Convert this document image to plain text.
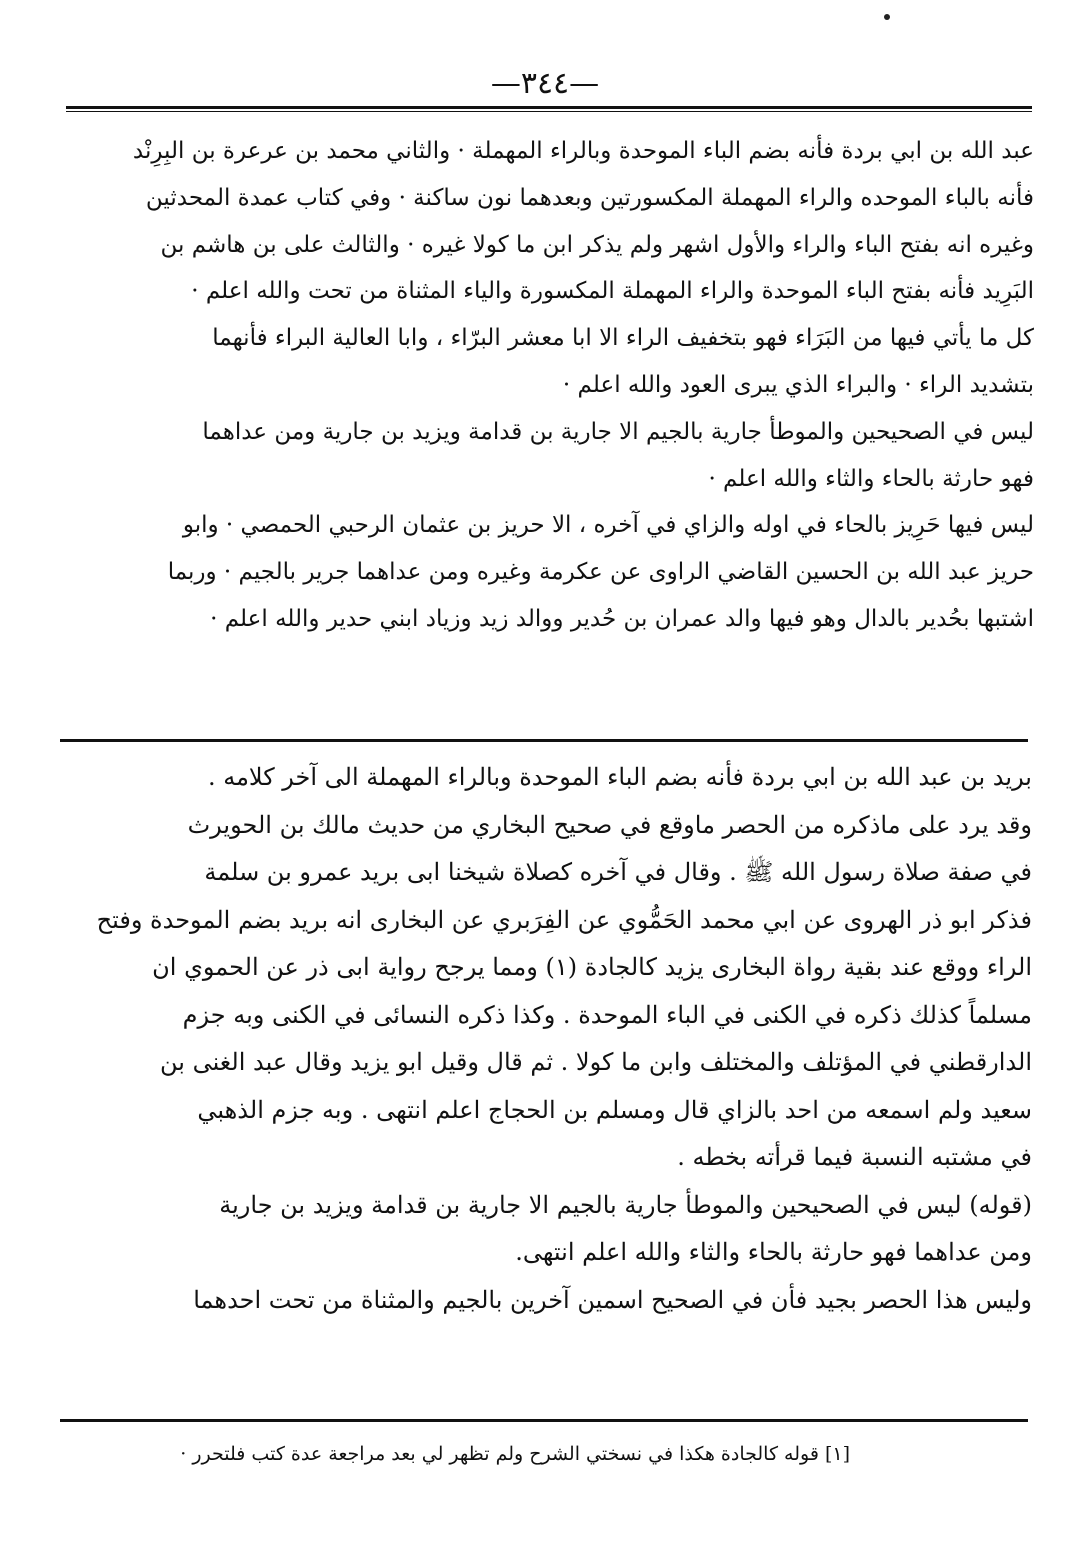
—٣٤٤—
عبد الله بن ابي بردة فأنه بضم الباء الموحدة وبالراء المهملة · والثاني محمد بن عرعرة بن البِرِنْد
فأنه بالباء الموحده والراء المهملة المكسورتين وبعدهما نون ساكنة · وفي كتاب عمدة المحدثين
وغيره انه بفتح الباء والراء والأول اشهر ولم يذكر ابن ما كولا غيره · والثالث على بن هاشم بن
البَرِيد فأنه بفتح الباء الموحدة والراء المهملة المكسورة والياء المثناة من تحت والله اعلم ·
كل ما يأتي فيها من البَرَاء فهو بتخفيف الراء الا ابا معشر البرّاء ، وابا العالية البراء فأنهما
بتشديد الراء · والبراء الذي يبرى العود والله اعلم ·
ليس في الصحيحين والموطأ جارية بالجيم الا جارية بن قدامة ويزيد بن جارية ومن عداهما
فهو حارثة بالحاء والثاء والله اعلم ·
ليس فيها حَرِيز بالحاء في اوله والزاي في آخره ، الا حريز بن عثمان الرحبي الحمصي · وابو
حريز عبد الله بن الحسين القاضي الراوى عن عكرمة وغيره ومن عداهما جرير بالجيم · وربما
اشتبها بحُدير بالدال وهو فيها والد عمران بن حُدير ووالد زيد وزياد ابني حدير والله اعلم ·
بريد بن عبد الله بن ابي بردة فأنه بضم الباء الموحدة وبالراء المهملة الى آخر كلامه .
وقد يرد على ماذكره من الحصر ماوقع في صحيح البخاري من حديث مالك بن الحويرث
في صفة صلاة رسول الله ﷺ . وقال في آخره كصلاة شيخنا ابى بريد عمرو بن سلمة
فذكر ابو ذر الهروى عن ابي محمد الحَمُّوي عن الفِرَبري عن البخارى انه بريد بضم الموحدة وفتح
الراء ووقع عند بقية رواة البخارى يزيد كالجادة (١) ومما يرجح رواية ابى ذر عن الحموي ان
مسلماً كذلك ذكره في الكنى في الباء الموحدة . وكذا ذكره النسائى في الكنى وبه جزم
الدارقطني في المؤتلف والمختلف وابن ما كولا . ثم قال وقيل ابو يزيد وقال عبد الغنى بن
سعيد ولم اسمعه من احد بالزاي قال ومسلم بن الحجاج اعلم انتهى . وبه جزم الذهبي
في مشتبه النسبة فيما قرأته بخطه .
(قوله) ليس في الصحيحين والموطأ جارية بالجيم الا جارية بن قدامة ويزيد بن جارية
ومن عداهما فهو حارثة بالحاء والثاء والله اعلم انتهى.
وليس هذا الحصر بجيد فأن في الصحيح اسمين آخرين بالجيم والمثناة من تحت احدهما
[١] قوله كالجادة هكذا في نسختي الشرح ولم تظهر لي بعد مراجعة عدة كتب فلتحرر ·
